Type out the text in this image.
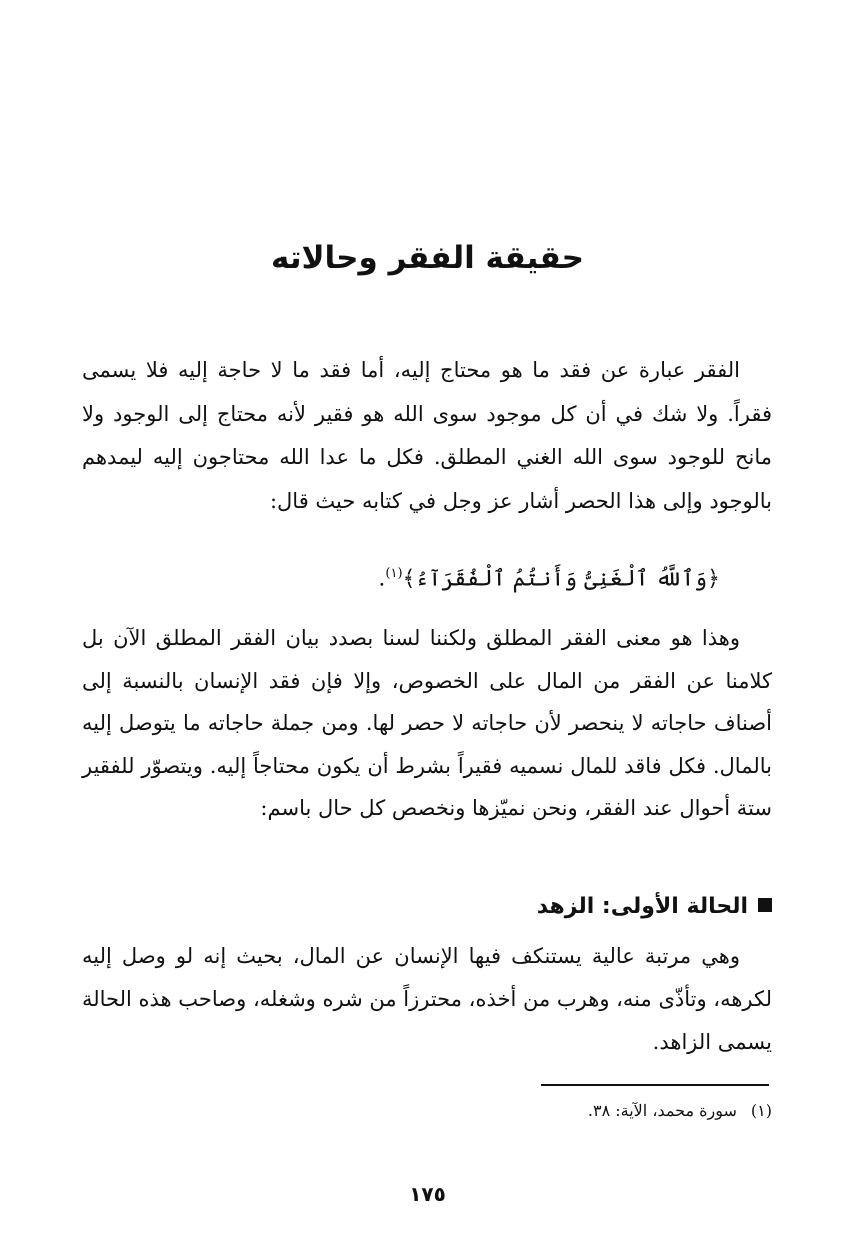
حقيقة الفقر وحالاته

الفقر عبارة عن فقد ما هو محتاج إليه، أما فقد ما لا حاجة إليه فلا يسمى فقراً. ولا شك في أن كل موجود سوى الله هو فقير لأنه محتاج إلى الوجود ولا مانح للوجود سوى الله الغني المطلق. فكل ما عدا الله محتاجون إليه ليمدهم بالوجود وإلى هذا الحصر أشار عز وجل في كتابه حيث قال:

﴿وَٱللَّهُ ٱلْغَنِىُّ وَأَنتُمُ ٱلْفُقَرَآءُ﴾$^{(١)}$.

وهذا هو معنى الفقر المطلق ولكننا لسنا بصدد بيان الفقر المطلق الآن بل كلامنا عن الفقر من المال على الخصوص، وإلا فإن فقد الإنسان بالنسبة إلى أصناف حاجاته لا ينحصر لأن حاجاته لا حصر لها. ومن جملة حاجاته ما يتوصل إليه بالمال. فكل فاقد للمال نسميه فقيراً بشرط أن يكون محتاجاً إليه. ويتصوّر للفقير ستة أحوال عند الفقر، ونحن نميّزها ونخصص كل حال باسم:

الحالة الأولى: الزهد

وهي مرتبة عالية يستنكف فيها الإنسان عن المال، بحيث إنه لو وصل إليه لكرهه، وتأذّى منه، وهرب من أخذه، محترزاً من شره وشغله، وصاحب هذه الحالة يسمى الزاهد.

(١)سورة محمد، الآية: ٣٨.
١٧٥
